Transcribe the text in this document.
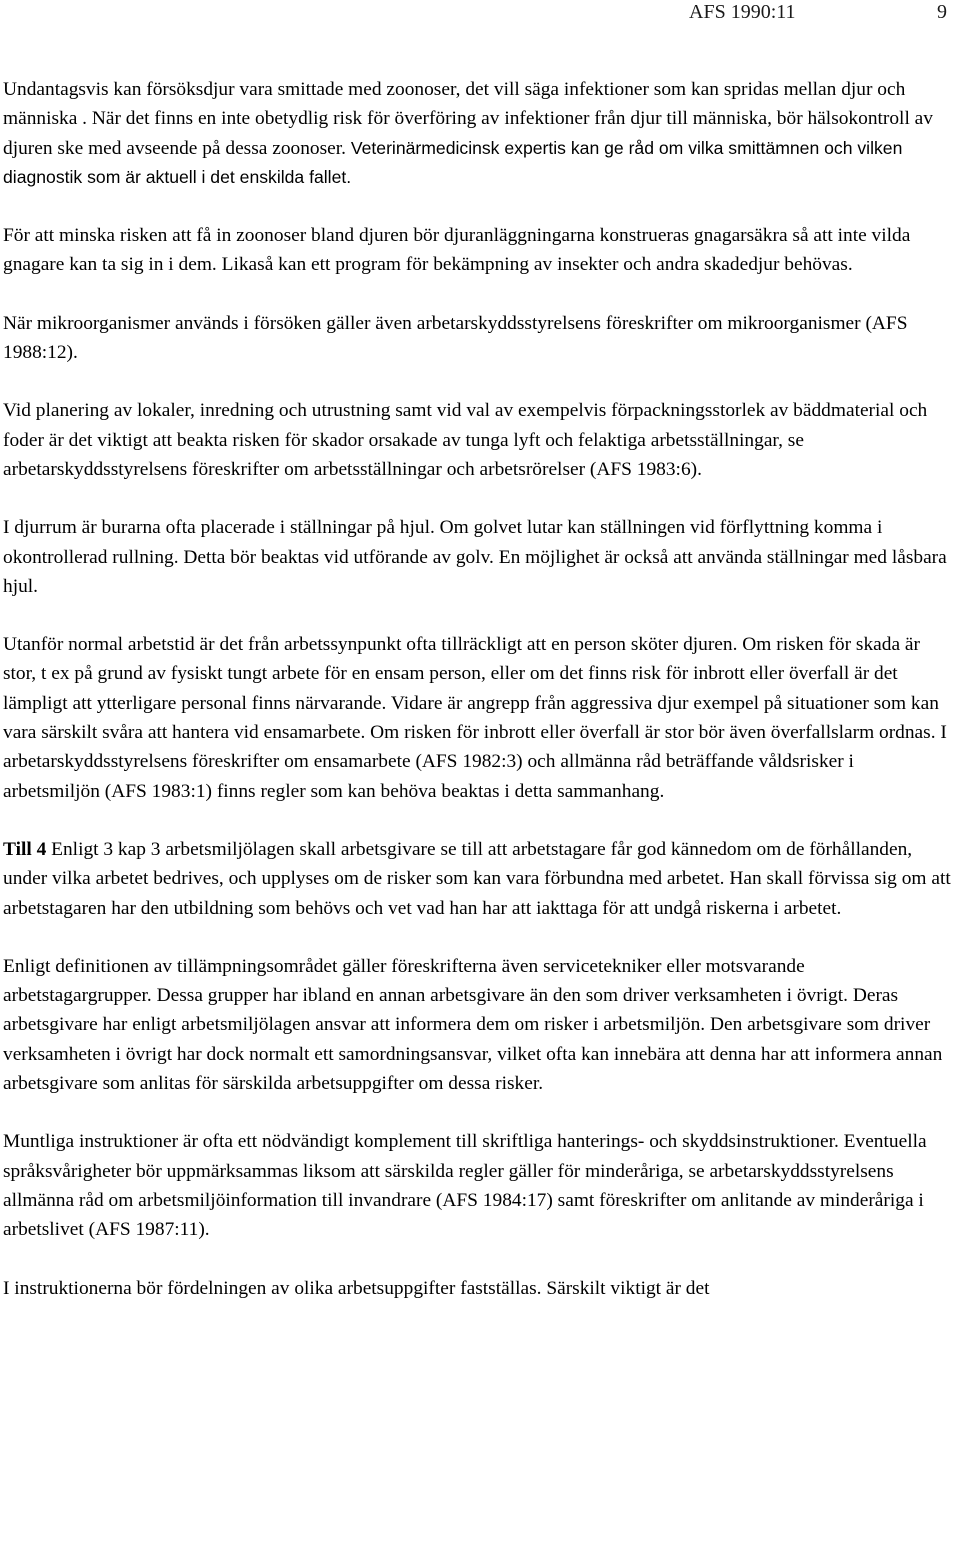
AFS 1990:11	9

Undantagsvis kan försöksdjur vara smittade med zoonoser, det vill säga infektioner som kan spridas mellan djur och människa . När det finns en inte obetydlig risk för överföring av infektioner från djur till människa, bör hälsokontroll av djuren ske med avseende på dessa zoonoser. Veterinärmedicinsk expertis kan ge råd om vilka smittämnen och vilken diagnostik som är aktuell i det enskilda fallet.

För att minska risken att få in zoonoser bland djuren bör djuranläggningarna konstrueras gnagarsäkra så att inte vilda gnagare kan ta sig in i dem. Likaså kan ett program för bekämpning av insekter och andra skadedjur behövas.

När mikroorganismer används i försöken gäller även arbetarskyddsstyrelsens föreskrifter om mikroorganismer (AFS 1988:12).

Vid planering av lokaler, inredning och utrustning samt vid val av exempelvis förpackningsstorlek av bäddmaterial och foder är det viktigt att beakta risken för skador orsakade av tunga lyft och felaktiga arbetsställningar, se arbetarskyddsstyrelsens föreskrifter om arbetsställningar och arbetsrörelser (AFS 1983:6).

I djurrum är burarna ofta placerade i ställningar på hjul. Om golvet lutar kan ställningen vid förflyttning komma i okontrollerad rullning. Detta bör beaktas vid utförande av golv. En möjlighet är också att använda ställningar med låsbara hjul.

Utanför normal arbetstid är det från arbetssynpunkt ofta tillräckligt att en person sköter djuren. Om risken för skada är stor, t ex på grund av fysiskt tungt arbete för en ensam person, eller om det finns risk för inbrott eller överfall är det lämpligt att ytterligare personal finns närvarande. Vidare är angrepp från aggressiva djur exempel på situationer som kan vara särskilt svåra att hantera vid ensamarbete. Om risken för inbrott eller överfall är stor bör även överfallslarm ordnas. I arbetarskyddsstyrelsens föreskrifter om ensamarbete (AFS 1982:3) och allmänna råd beträffande våldsrisker i arbetsmiljön (AFS 1983:1) finns regler som kan behöva beaktas i detta sammanhang.

Till 4 Enligt 3 kap 3 arbetsmiljölagen skall arbetsgivare se till att arbetstagare får god kännedom om de förhållanden, under vilka arbetet bedrives, och upplyses om de risker som kan vara förbundna med arbetet. Han skall förvissa sig om att arbetstagaren har den utbildning som behövs och vet vad han har att iakttaga för att undgå riskerna i arbetet.

Enligt definitionen av tillämpningsområdet gäller föreskrifterna även servicetekniker eller motsvarande arbetstagargrupper. Dessa grupper har ibland en annan arbetsgivare än den som driver verksamheten i övrigt. Deras arbetsgivare har enligt arbetsmiljölagen ansvar att informera dem om risker i arbetsmiljön. Den arbetsgivare som driver verksamheten i övrigt har dock normalt ett samordningsansvar, vilket ofta kan innebära att denna har att informera annan arbetsgivare som anlitas för särskilda arbetsuppgifter om dessa risker.

Muntliga instruktioner är ofta ett nödvändigt komplement till skriftliga hanterings- och skyddsinstruktioner. Eventuella språksvårigheter bör uppmärksammas liksom att särskilda regler gäller för minderåriga, se arbetarskyddsstyrelsens allmänna råd om arbetsmiljöinformation till invandrare (AFS 1984:17) samt föreskrifter om anlitande av minderåriga i arbetslivet (AFS 1987:11).

I instruktionerna bör fördelningen av olika arbetsuppgifter fastställas. Särskilt viktigt är det
